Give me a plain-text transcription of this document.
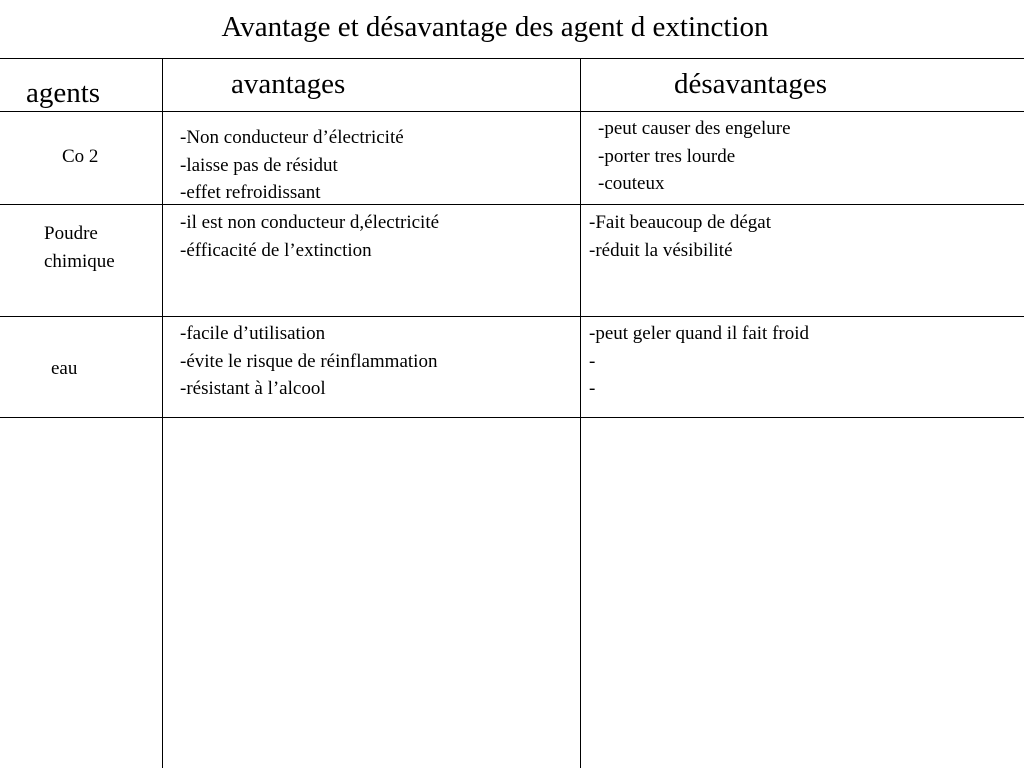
Avantage et désavantage des agent d extinction
agents	avantages	désavantages
Co 2
-Non conducteur d’électricité
-laisse pas de résidut
-effet refroidissant
-peut causer des engelure
-porter tres lourde
-couteux
Poudre
chimique
-il est non conducteur d,électricité
-éfficacité de l’extinction
-Fait beaucoup de dégat
-réduit la vésibilité
eau
-facile d’utilisation
-évite le risque de réinflammation
-résistant à l’alcool
-peut geler quand il fait froid
-
-
